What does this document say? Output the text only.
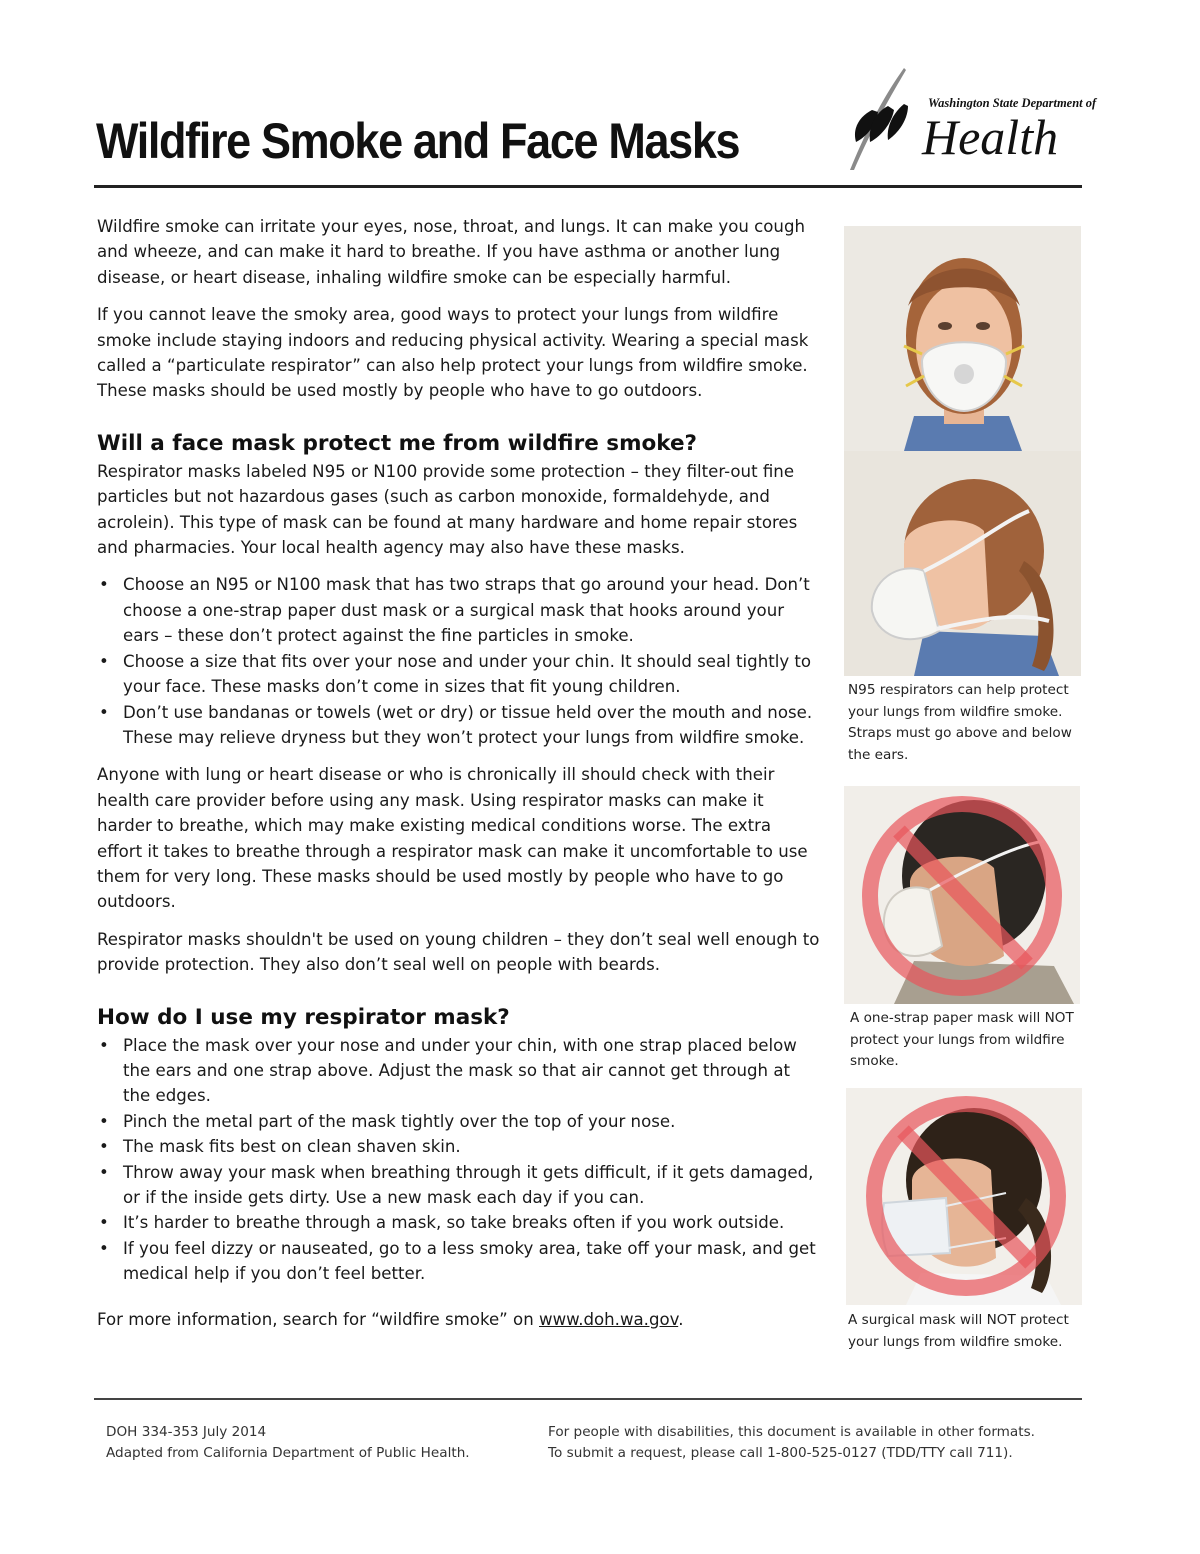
Wildfire Smoke and Face Masks
Washington State Department of
Health

Wildfire smoke can irritate your eyes, nose, throat, and lungs. It can make you cough and wheeze, and can make it hard to breathe. If you have asthma or another lung disease, or heart disease, inhaling wildfire smoke can be especially harmful.

If you cannot leave the smoky area, good ways to protect your lungs from wildfire smoke include staying indoors and reducing physical activity. Wearing a special mask called a “particulate respirator” can also help protect your lungs from wildfire smoke. These masks should be used mostly by people who have to go outdoors.

Will a face mask protect me from wildfire smoke?

Respirator masks labeled N95 or N100 provide some protection – they filter-out fine particles but not hazardous gases (such as carbon monoxide, formaldehyde, and acrolein). This type of mask can be found at many hardware and home repair stores and pharmacies. Your local health agency may also have these masks.

• Choose an N95 or N100 mask that has two straps that go around your head. Don’t choose a one-strap paper dust mask or a surgical mask that hooks around your ears – these don’t protect against the fine particles in smoke.
• Choose a size that fits over your nose and under your chin. It should seal tightly to your face. These masks don’t come in sizes that fit young children.
• Don’t use bandanas or towels (wet or dry) or tissue held over the mouth and nose. These may relieve dryness but they won’t protect your lungs from wildfire smoke.

Anyone with lung or heart disease or who is chronically ill should check with their health care provider before using any mask. Using respirator masks can make it harder to breathe, which may make existing medical conditions worse. The extra effort it takes to breathe through a respirator mask can make it uncomfortable to use them for very long. These masks should be used mostly by people who have to go outdoors.

Respirator masks shouldn't be used on young children – they don’t seal well enough to provide protection. They also don’t seal well on people with beards.

How do I use my respirator mask?
• Place the mask over your nose and under your chin, with one strap placed below the ears and one strap above. Adjust the mask so that air cannot get through at the edges.
• Pinch the metal part of the mask tightly over the top of your nose.
• The mask fits best on clean shaven skin.
• Throw away your mask when breathing through it gets difficult, if it gets damaged, or if the inside gets dirty. Use a new mask each day if you can.
• It’s harder to breathe through a mask, so take breaks often if you work outside.
• If you feel dizzy or nauseated, go to a less smoky area, take off your mask, and get medical help if you don’t feel better.

For more information, search for “wildfire smoke” on www.doh.wa.gov.

N95 respirators can help protect your lungs from wildfire smoke. Straps must go above and below the ears.
A one-strap paper mask will NOT protect your lungs from wildfire smoke.
A surgical mask will NOT protect your lungs from wildfire smoke.
DOH 334-353 July 2014
Adapted from California Department of Public Health.
For people with disabilities, this document is available in other formats.
To submit a request, please call 1-800-525-0127 (TDD/TTY call 711).
